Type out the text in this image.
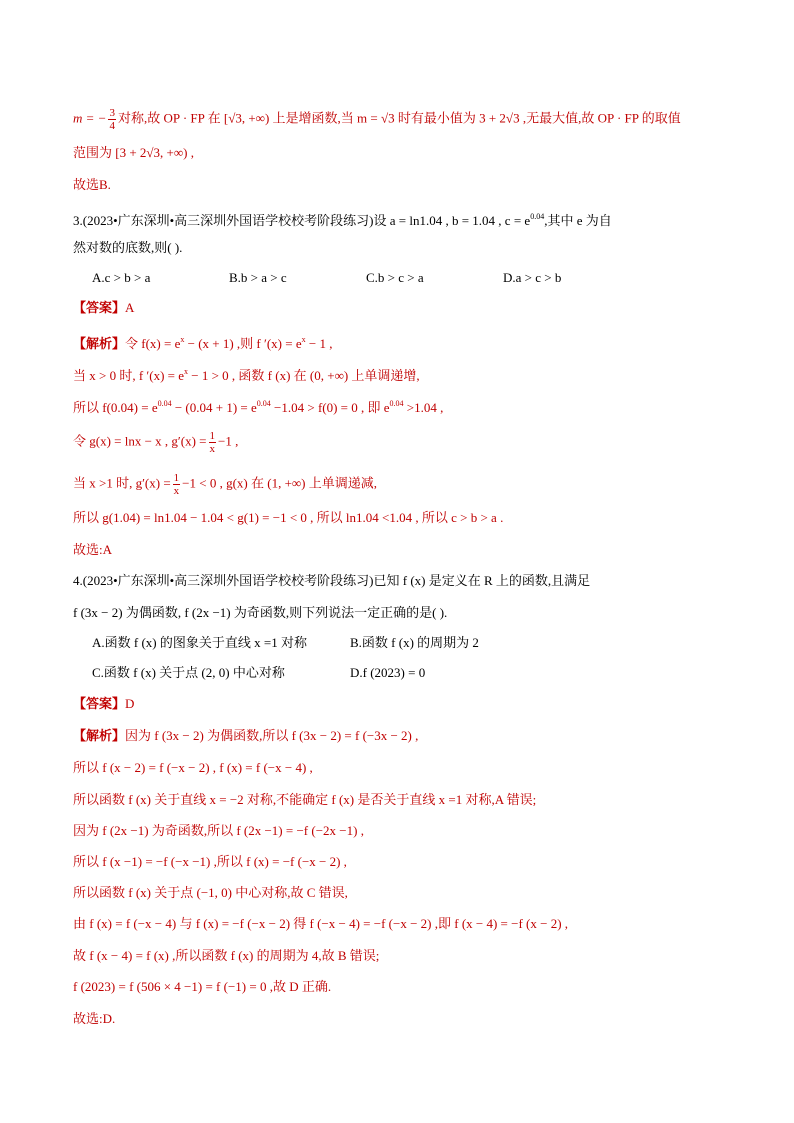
m = − $\frac{3}{4}$ 对称,故 OP · FP 在 [√3, +∞) 上是增函数,当 m = √3 时有最小值为 3 + 2√3 ,无最大值,故 OP · FP 的取值
范围为 [3 + 2√3, +∞) ,
故选B.
3.(2023•广东深圳•高三深圳外国语学校校考阶段练习)设 a = ln1.04 , b = 1.04 , $c = e^{0.04}$,其中 e 为自
然对数的底数,则( ).
A.c > b > a	B.b > a > c	C.b > c > a	D.a > c > b
【答案】A
【解析】令 $f(x) = e^x - (x + 1)$ ,则 f $'(x) = e^x - 1$ ,
当 x > 0 时, f $'(x) = e^x - 1 > 0$ , 函数 f (x) 在 (0, +∞) 上单调递增,
所以 $f(0.04) = e^{0.04} - (0.04 + 1) = e^{0.04} -1.04 > f(0) = 0$ , 即 $e^{0.04} >1.04$ ,
令 g(x) = lnx − x , $g'(x) = \frac{1}{x} -1$ ,
当 x >1 时, $g'(x) = \frac{1}{x} -1 < 0$ , g(x) 在 (1, +∞) 上单调递减,
所以 g(1.04) = ln1.04 − 1.04 < g(1) = −1 < 0 , 所以 ln1.04 <1.04 , 所以 c > b > a .
故选:A
4.(2023•广东深圳•高三深圳外国语学校校考阶段练习)已知 f (x) 是定义在 R 上的函数,且满足
f (3x − 2) 为偶函数, f (2x −1) 为奇函数,则下列说法一定正确的是( ).
A.函数 f (x) 的图象关于直线 x =1 对称	B.函数 f (x) 的周期为 2
C.函数 f (x) 关于点 (2, 0) 中心对称	D.f (2023) = 0
【答案】D
【解析】因为 f (3x − 2) 为偶函数,所以 f (3x − 2) = f (−3x − 2) ,
所以 f (x − 2) = f (−x − 2) , f (x) = f (−x − 4) ,
所以函数 f (x) 关于直线 x = −2 对称,不能确定 f (x) 是否关于直线 x =1 对称,A 错误;
因为 f (2x −1) 为奇函数,所以 f (2x −1) = −f (−2x −1) ,
所以 f (x −1) = −f (−x −1) ,所以 f (x) = −f (−x − 2) ,
所以函数 f (x) 关于点 (−1, 0) 中心对称,故 C 错误,
由 f (x) = f (−x − 4) 与 f (x) = −f (−x − 2) 得 f (−x − 4) = −f (−x − 2) ,即 f (x − 4) = −f (x − 2) ,
故 f (x − 4) = f (x) ,所以函数 f (x) 的周期为 4,故 B 错误;
f (2023) = f (506 × 4 −1) = f (−1) = 0 ,故 D 正确.
故选:D.
